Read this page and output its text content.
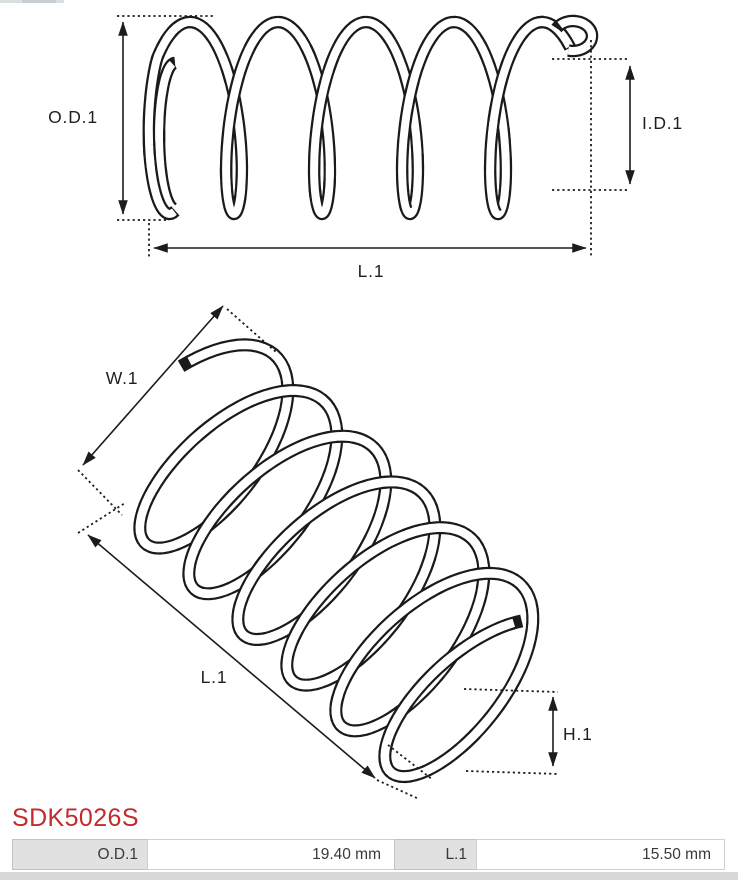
O.D.1	I.D.1
L.1
W.1
L.1
H.1
SDK5026S
O.D.1	19.40 mm	L.1	15.50 mm
